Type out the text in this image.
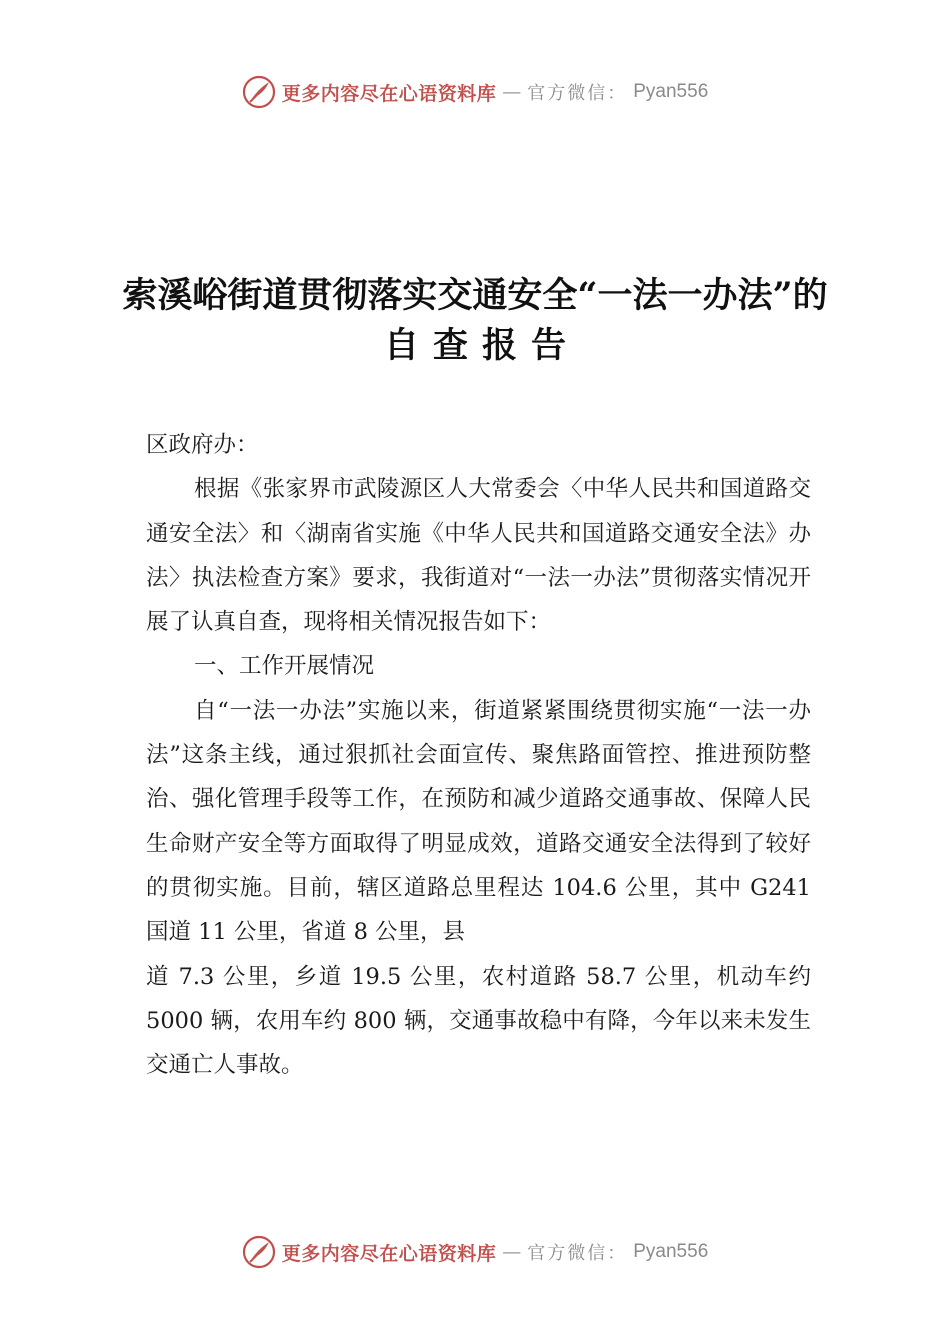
更多内容尽在心语资料库 — 官方微信： Pyan556
索溪峪街道贯彻落实交通安全“一法一办法”的
自查报告

区政府办：

根据《张家界市武陵源区人大常委会〈中华人民共和国道路交通安全法〉和〈湖南省实施《中华人民共和国道路交通安全法》办法〉执法检查方案》要求，我街道对“一法一办法”贯彻落实情况开展了认真自查，现将相关情况报告如下：

一、工作开展情况

自“一法一办法”实施以来，街道紧紧围绕贯彻实施“一法一办法”这条主线，通过狠抓社会面宣传、聚焦路面管控、推进预防整治、强化管理手段等工作，在预防和减少道路交通事故、保障人民生命财产安全等方面取得了明显成效，道路交通安全法得到了较好的贯彻实施。目前，辖区道路总里程达 104.6 公里，其中 G241 国道 11 公里，省道 8 公里，县

道 7.3 公里，乡道 19.5 公里，农村道路 58.7 公里，机动车约 5000 辆，农用车约 800 辆，交通事故稳中有降，今年以来未发生交通亡人事故。

更多内容尽在心语资料库 — 官方微信： Pyan556
